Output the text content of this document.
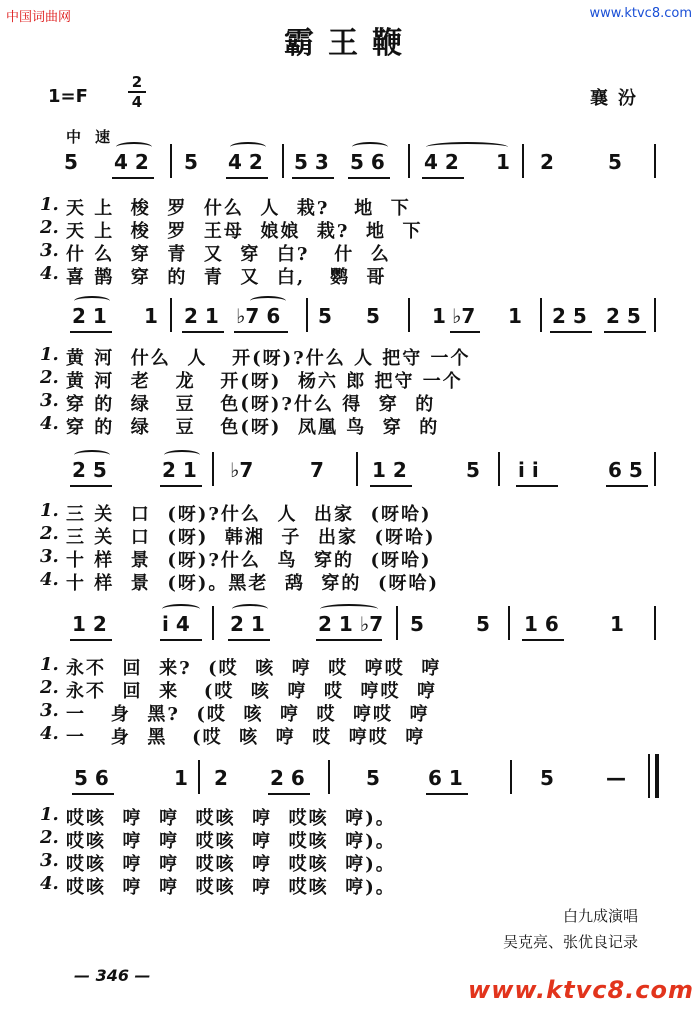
中国词曲网	www.ktvc8.com
霸王鞭
1=F
2
4	襄汾
中速
5 4 2 5 4 2 5 3 5 6 4 2 1 2	5
1. 天 上  梭  罗  什么  人  栽?   地  下
2. 天 上  梭  罗  王母  娘娘  栽?  地  下
3. 什 么  穿  青  又  穿  白?   什  么
4. 喜 鹊  穿  的  青  又  白,   鹦  哥
2 1 1 2 1 ♭7 6 5 5	1 ♭7 1 2 5 2 5
1. 黄 河  什么  人   开(呀)?什么 人 把守 一个
2. 黄 河  老   龙   开(呀)  杨六 郎 把守 一个
3. 穿 的  绿   豆   色(呀)?什么 得  穿  的
4. 穿 的  绿   豆   色(呀)  凤凰 鸟  穿  的
2 5	2 1 ♭7	7 1 2	5 i i	6 5
1. 三 关  口  (呀)?什么  人  出家  (呀哈)
2. 三 关  口  (呀)  韩湘  子  出家  (呀哈)
3. 十 样  景  (呀)?什么  鸟  穿的  (呀哈)
4. 十 样  景  (呀)。黑老  鸹  穿的  (呀哈)
1 2	i 4 2 1	2 1 ♭7 5	5 1 6	1
1. 永不  回  来?  (哎  咳  哼  哎  哼哎  哼
2. 永不  回  来   (哎  咳  哼  哎  哼哎  哼
3. 一   身  黑?  (哎  咳  哼  哎  哼哎  哼
4. 一   身  黑   (哎  咳  哼  哎  哼哎  哼
5 6	1 2 2 6	5 6 1	5	—
1. 哎咳  哼  哼  哎咳  哼  哎咳  哼)。
2. 哎咳  哼  哼  哎咳  哼  哎咳  哼)。
3. 哎咳  哼  哼  哎咳  哼  哎咳  哼)。
4. 哎咳  哼  哼  哎咳  哼  哎咳  哼)。
白九成演唱
吴克亮、张优良记录
— 346 —
www.ktvc8.com
